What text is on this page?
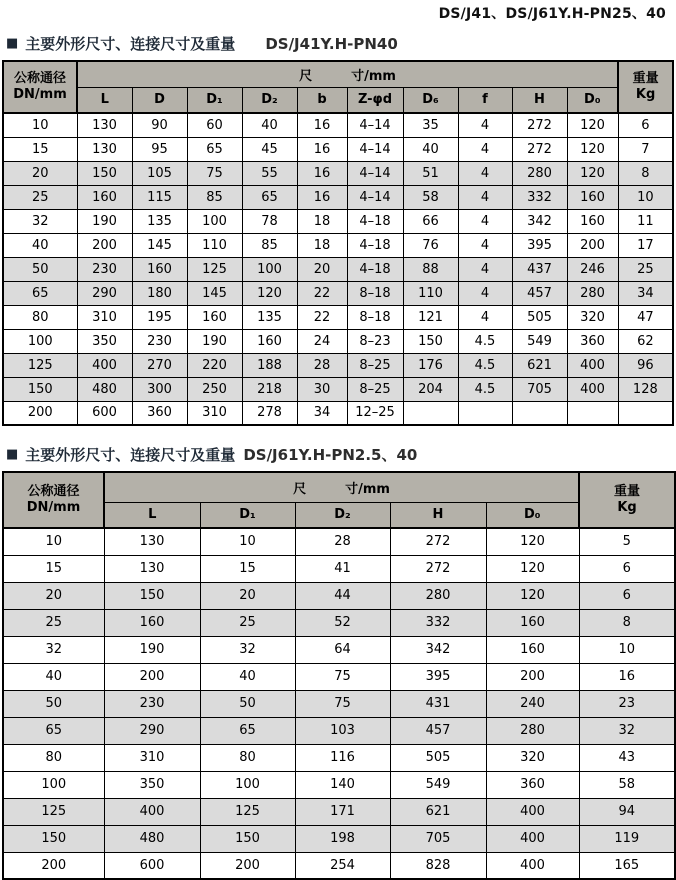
DS/J41、DS/J61Y.H-PN25、40
■ 主要外形尺寸、连接尺寸及重量 DS/J41Y.H-PN40
公称通径
DN/mm	尺　　　寸/mm										重量
Kg

	L	D	D₁	D₂	b	Z-φd	D₆	f	H	D₀	
10	130	90	60	40	16	4–14	35	4	272	120	6
15	130	95	65	45	16	4–14	40	4	272	120	7
20	150	105	75	55	16	4–14	51	4	280	120	8
25	160	115	85	65	16	4–14	58	4	332	160	10
32	190	135	100	78	18	4–18	66	4	342	160	11
40	200	145	110	85	18	4–18	76	4	395	200	17
50	230	160	125	100	20	4–18	88	4	437	246	25
65	290	180	145	120	22	8–18	110	4	457	280	34
80	310	195	160	135	22	8–18	121	4	505	320	47
100	350	230	190	160	24	8–23	150	4.5	549	360	62
125	400	270	220	188	28	8–25	176	4.5	621	400	96
150	480	300	250	218	30	8–25	204	4.5	705	400	128
200	600	360	310	278	34	12–25					
■ 主要外形尺寸、连接尺寸及重量 DS/J61Y.H-PN2.5、40
公称通径
DN/mm	尺　　　寸/mm					重量
Kg

	L	D₁	D₂	H	D₀	
10	130	10	28	272	120	5
15	130	15	41	272	120	6
20	150	20	44	280	120	6
25	160	25	52	332	160	8
32	190	32	64	342	160	10
40	200	40	75	395	200	16
50	230	50	75	431	240	23
65	290	65	103	457	280	32
80	310	80	116	505	320	43
100	350	100	140	549	360	58
125	400	125	171	621	400	94
150	480	150	198	705	400	119
200	600	200	254	828	400	165
